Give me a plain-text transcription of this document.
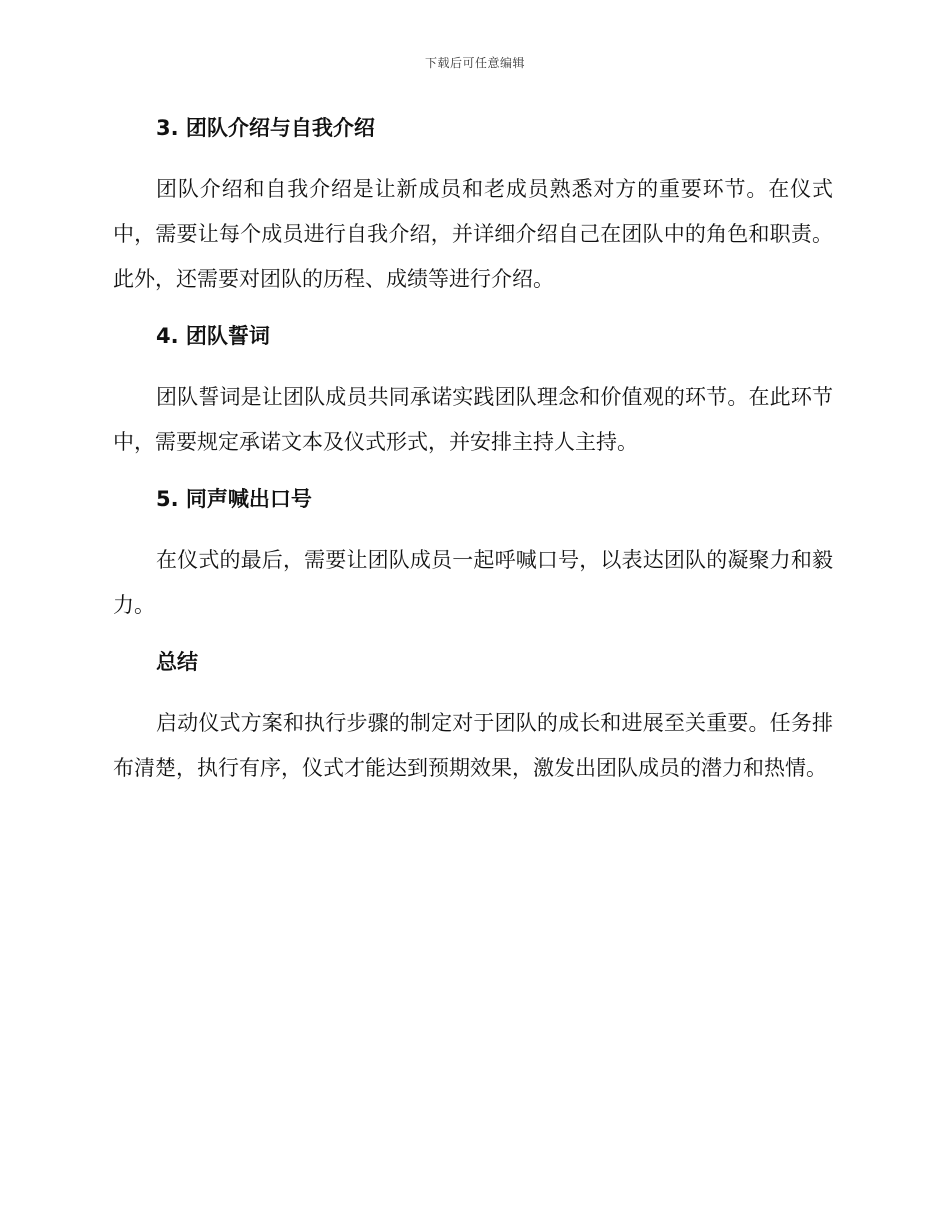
下载后可任意编辑
3. 团队介绍与自我介绍

团队介绍和自我介绍是让新成员和老成员熟悉对方的重要环节。在仪式中，需要让每个成员进行自我介绍，并详细介绍自己在团队中的角色和职责。此外，还需要对团队的历程、成绩等进行介绍。

4. 团队誓词

团队誓词是让团队成员共同承诺实践团队理念和价值观的环节。在此环节中，需要规定承诺文本及仪式形式，并安排主持人主持。

5. 同声喊出口号

在仪式的最后，需要让团队成员一起呼喊口号，以表达团队的凝聚力和毅力。

总结

启动仪式方案和执行步骤的制定对于团队的成长和进展至关重要。任务排布清楚，执行有序，仪式才能达到预期效果，激发出团队成员的潜力和热情。
